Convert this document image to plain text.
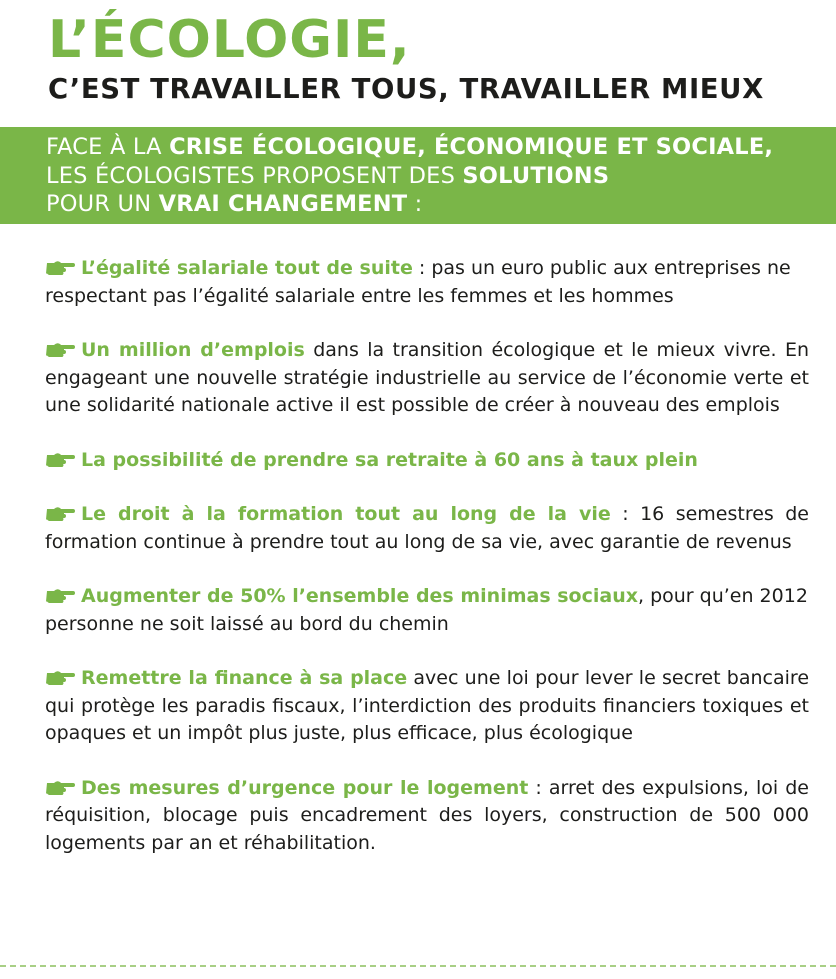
L’ÉCOLOGIE,
C’EST TRAVAILLER TOUS, TRAVAILLER MIEUX
FACE À LA CRISE ÉCOLOGIQUE, ÉCONOMIQUE ET SOCIALE,
LES ÉCOLOGISTES PROPOSENT DES SOLUTIONS
POUR UN VRAI CHANGEMENT :

L’égalité salariale tout de suite : pas un euro public aux entreprises ne respectant pas l’égalité salariale entre les femmes et les hommes

Un million d’emplois dans la transition écologique et le mieux vivre. En engageant une nouvelle stratégie industrielle au service de l’économie verte et une solidarité nationale active il est possible de créer à nouveau des emplois

La possibilité de prendre sa retraite à 60 ans à taux plein

Le droit à la formation tout au long de la vie : 16 semestres de formation continue à prendre tout au long de sa vie, avec garantie de revenus

Augmenter de 50% l’ensemble des minimas sociaux, pour qu’en 2012 personne ne soit laissé au bord du chemin

Remettre la finance à sa place avec une loi pour lever le secret bancaire qui protège les paradis fiscaux, l’interdiction des produits financiers toxiques et opaques et un impôt plus juste, plus efficace, plus écologique

Des mesures d’urgence pour le logement : arret des expulsions, loi de réquisition, blocage puis encadrement des loyers, construction de 500 000 logements par an et réhabilitation.
